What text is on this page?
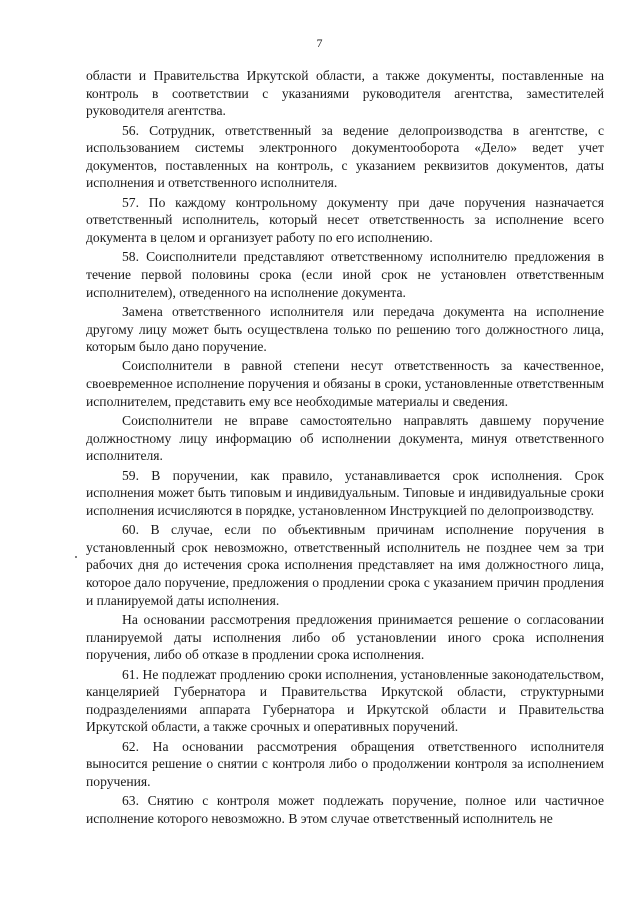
7

области и Правительства Иркутской области, а также документы, поставленные на контроль в соответствии с указаниями руководителя агентства, заместителей руководителя агентства.

56. Сотрудник, ответственный за ведение делопроизводства в агентстве, с использованием системы электронного документооборота «Дело» ведет учет документов, поставленных на контроль, с указанием реквизитов документов, даты исполнения и ответственного исполнителя.

57. По каждому контрольному документу при даче поручения назначается ответственный исполнитель, который несет ответственность за исполнение всего документа в целом и организует работу по его исполнению.

58. Соисполнители представляют ответственному исполнителю предложения в течение первой половины срока (если иной срок не установлен ответственным исполнителем), отведенного на исполнение документа.

Замена ответственного исполнителя или передача документа на исполнение другому лицу может быть осуществлена только по решению того должностного лица, которым было дано поручение.

Соисполнители в равной степени несут ответственность за качественное, своевременное исполнение поручения и обязаны в сроки, установленные ответственным исполнителем, представить ему все необходимые материалы и сведения.

Соисполнители не вправе самостоятельно направлять давшему поручение должностному лицу информацию об исполнении документа, минуя ответственного исполнителя.

59. В поручении, как правило, устанавливается срок исполнения. Срок исполнения может быть типовым и индивидуальным. Типовые и индивидуальные сроки исполнения исчисляются в порядке, установленном Инструкцией по делопроизводству.

60. В случае, если по объективным причинам исполнение поручения в установленный срок невозможно, ответственный исполнитель не позднее чем за три рабочих дня до истечения срока исполнения представляет на имя должностного лица, которое дало поручение, предложения о продлении срока с указанием причин продления и планируемой даты исполнения.

На основании рассмотрения предложения принимается решение о согласовании планируемой даты исполнения либо об установлении иного срока исполнения поручения, либо об отказе в продлении срока исполнения.

61. Не подлежат продлению сроки исполнения, установленные законодательством, канцелярией Губернатора и Правительства Иркутской области, структурными подразделениями аппарата Губернатора и Иркутской области и Правительства Иркутской области, а также срочных и оперативных поручений.

62. На основании рассмотрения обращения ответственного исполнителя выносится решение о снятии с контроля либо о продолжении контроля за исполнением поручения.

63. Снятию с контроля может подлежать поручение, полное или частичное исполнение которого невозможно. В этом случае ответственный исполнитель не
